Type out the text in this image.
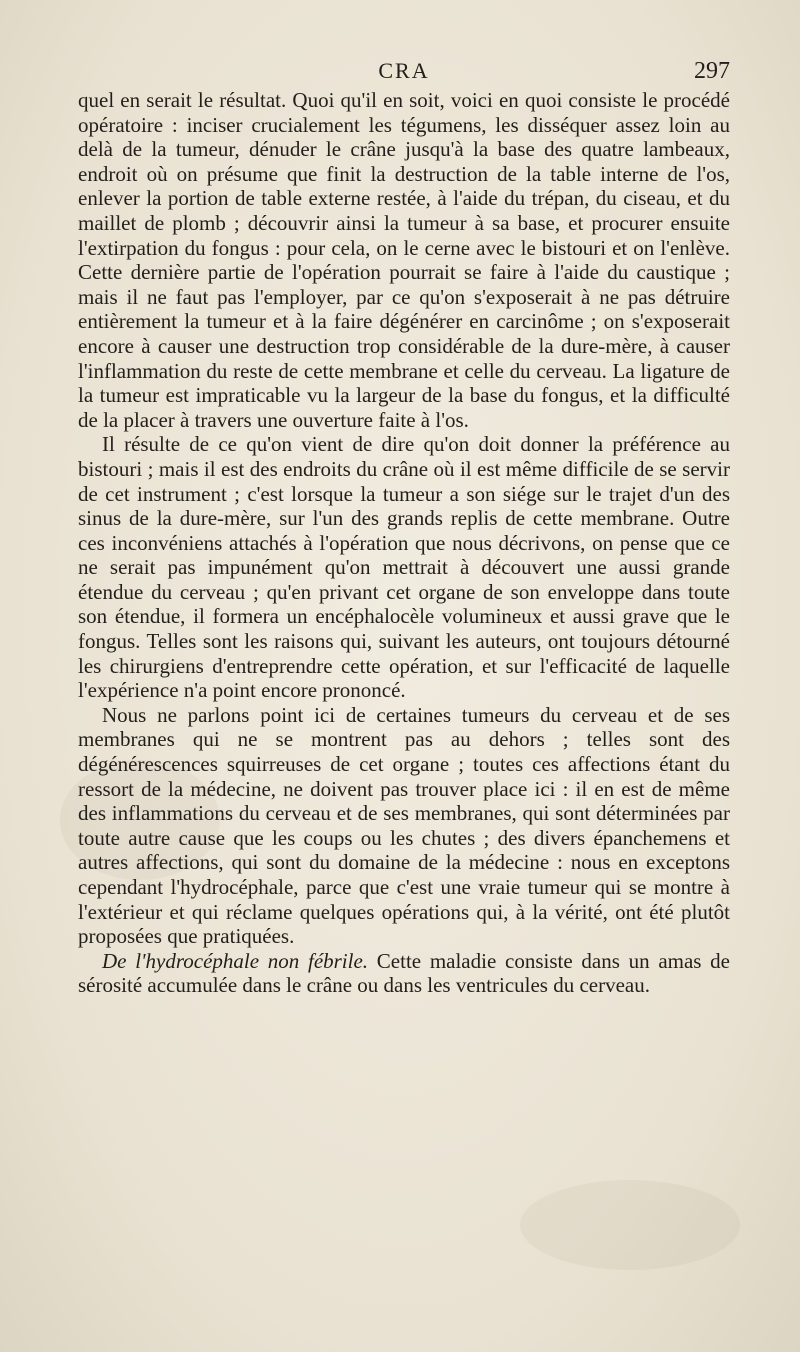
CRA	297

quel en serait le résultat. Quoi qu'il en soit, voici en quoi consiste le procédé opératoire : inciser crucialement les tégumens, les disséquer assez loin au delà de la tumeur, dénuder le crâne jusqu'à la base des quatre lambeaux, endroit où on présume que finit la destruction de la table interne de l'os, enlever la portion de table externe restée, à l'aide du trépan, du ciseau, et du maillet de plomb ; découvrir ainsi la tumeur à sa base, et procurer ensuite l'extirpation du fongus : pour cela, on le cerne avec le bistouri et on l'enlève. Cette dernière partie de l'opération pourrait se faire à l'aide du caustique ; mais il ne faut pas l'employer, par ce qu'on s'exposerait à ne pas détruire entièrement la tumeur et à la faire dégénérer en carcinôme ; on s'exposerait encore à causer une destruction trop considérable de la dure-mère, à causer l'inflammation du reste de cette membrane et celle du cerveau. La ligature de la tumeur est impraticable vu la largeur de la base du fongus, et la difficulté de la placer à travers une ouverture faite à l'os.

Il résulte de ce qu'on vient de dire qu'on doit donner la préférence au bistouri ; mais il est des endroits du crâne où il est même difficile de se servir de cet instrument ; c'est lorsque la tumeur a son siége sur le trajet d'un des sinus de la dure-mère, sur l'un des grands replis de cette membrane. Outre ces inconvéniens attachés à l'opération que nous décrivons, on pense que ce ne serait pas impunément qu'on mettrait à découvert une aussi grande étendue du cerveau ; qu'en privant cet organe de son enveloppe dans toute son étendue, il formera un encéphalocèle volumineux et aussi grave que le fongus. Telles sont les raisons qui, suivant les auteurs, ont toujours détourné les chirurgiens d'entreprendre cette opération, et sur l'efficacité de laquelle l'expérience n'a point encore prononcé.

Nous ne parlons point ici de certaines tumeurs du cerveau et de ses membranes qui ne se montrent pas au dehors ; telles sont des dégénérescences squirreuses de cet organe ; toutes ces affections étant du ressort de la médecine, ne doivent pas trouver place ici : il en est de même des inflammations du cerveau et de ses membranes, qui sont déterminées par toute autre cause que les coups ou les chutes ; des divers épanchemens et autres affections, qui sont du domaine de la médecine : nous en exceptons cependant l'hydrocéphale, parce que c'est une vraie tumeur qui se montre à l'extérieur et qui réclame quelques opérations qui, à la vérité, ont été plutôt proposées que pratiquées.

De l'hydrocéphale non fébrile. Cette maladie consiste dans un amas de sérosité accumulée dans le crâne ou dans les ventricules du cerveau.
